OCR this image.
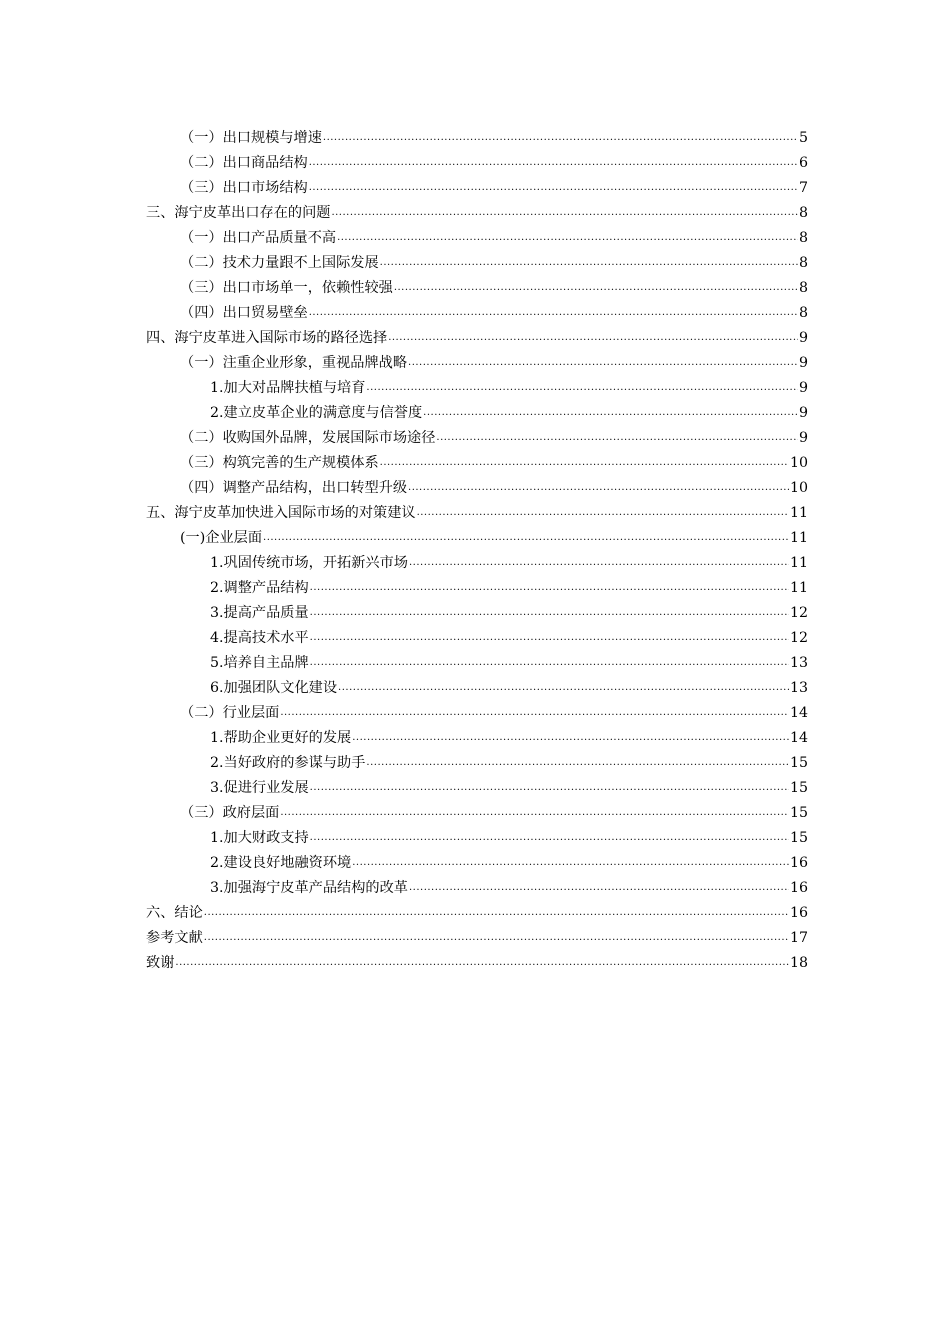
（一）出口规模与增速 .....	5
（二）出口商品结构 .....	6
（三）出口市场结构 .....	7
三、海宁皮革出口存在的问题 .....	8
（一）出口产品质量不高 .....	8
（二）技术力量跟不上国际发展 .....	8
（三）出口市场单一，依赖性较强 .....	8
（四）出口贸易壁垒 .....	8
四、海宁皮革进入国际市场的路径选择 .....	9
（一）注重企业形象，重视品牌战略 .....	9
1.加大对品牌扶植与培育 .....	9
2.建立皮革企业的满意度与信誉度 .....	9
（二）收购国外品牌，发展国际市场途径 .....	9
（三）构筑完善的生产规模体系 .....	10
（四）调整产品结构，出口转型升级 .....	10
五、海宁皮革加快进入国际市场的对策建议 .....	11
(一)企业层面 .....	11
1.巩固传统市场，开拓新兴市场 .....	11
2.调整产品结构 .....	11
3.提高产品质量 .....	12
4.提高技术水平 .....	12
5.培养自主品牌 .....	13
6.加强团队文化建设 .....	13
（二）行业层面 .....	14
1.帮助企业更好的发展 .....	14
2.当好政府的参谋与助手 .....	15
3.促进行业发展 .....	15
（三）政府层面 .....	15
1.加大财政支持 .....	15
2.建设良好地融资环境 .....	16
3.加强海宁皮革产品结构的改革 .....	16
六、结论 .....	16
参考文献 .....	17
致谢 .....	18
